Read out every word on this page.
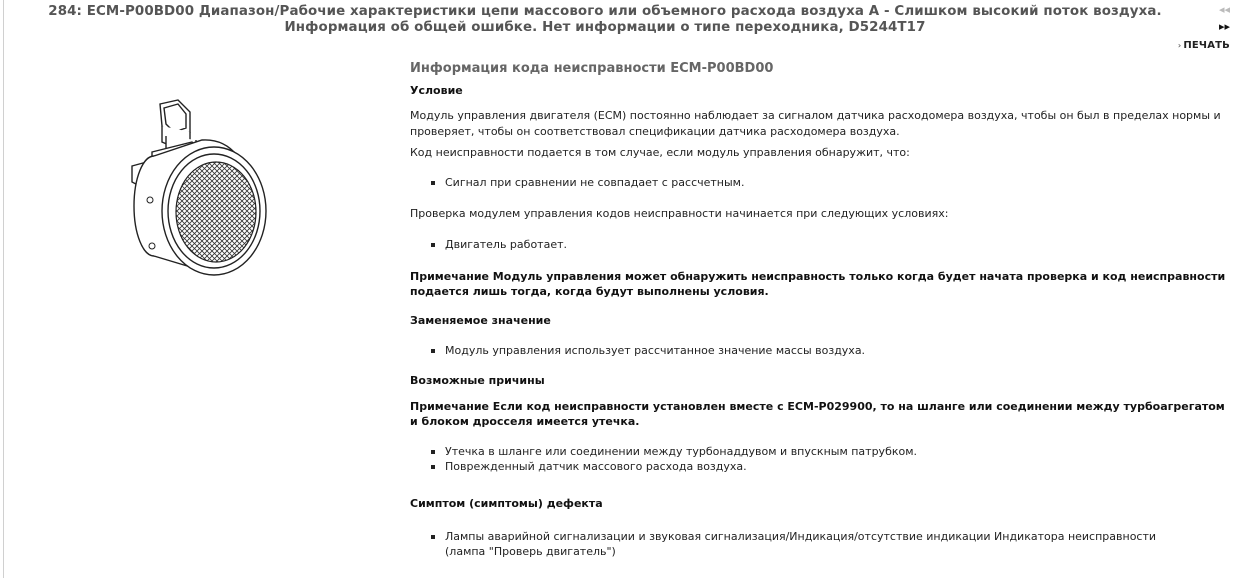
284: ECM-P00BD00 Диапазон/Рабочие характеристики цепи массового или объемного расхода воздуха А - Слишком высокий поток воздуха.
Информация об общей ошибке. Нет информации о типе переходника, D5244T17
◂◂
▸▸
› ПЕЧАТЬ
Информация кода неисправности ECM-P00BD00
Условие

Модуль управления двигателя (ECM) постоянно наблюдает за сигналом датчика расходомера воздуха, чтобы он был в пределах нормы и проверяет, чтобы он соответствовал спецификации датчика расходомера воздуха.

Код неисправности подается в том случае, если модуль управления обнаружит, что:

Сигнал при сравнении не совпадает с рассчетным.

Проверка модулем управления кодов неисправности начинается при следующих условиях:

Двигатель работает.

Примечание Модуль управления может обнаружить неисправность только когда будет начата проверка и код неисправности подается лишь тогда, когда будут выполнены условия.

Заменяемое значение
Модуль управления использует рассчитанное значение массы воздуха.
Возможные причины

Примечание Если код неисправности установлен вместе с ECM-P029900, то на шланге или соединении между турбоагрегатом и блоком дросселя имеется утечка.

Утечка в шланге или соединении между турбонаддувом и впускным патрубком.
Поврежденный датчик массового расхода воздуха.
Симптом (симптомы) дефекта
Лампы аварийной сигнализации и звуковая сигнализация/Индикация/отсутствие индикации Индикатора неисправности (лампа "Проверь двигатель")
